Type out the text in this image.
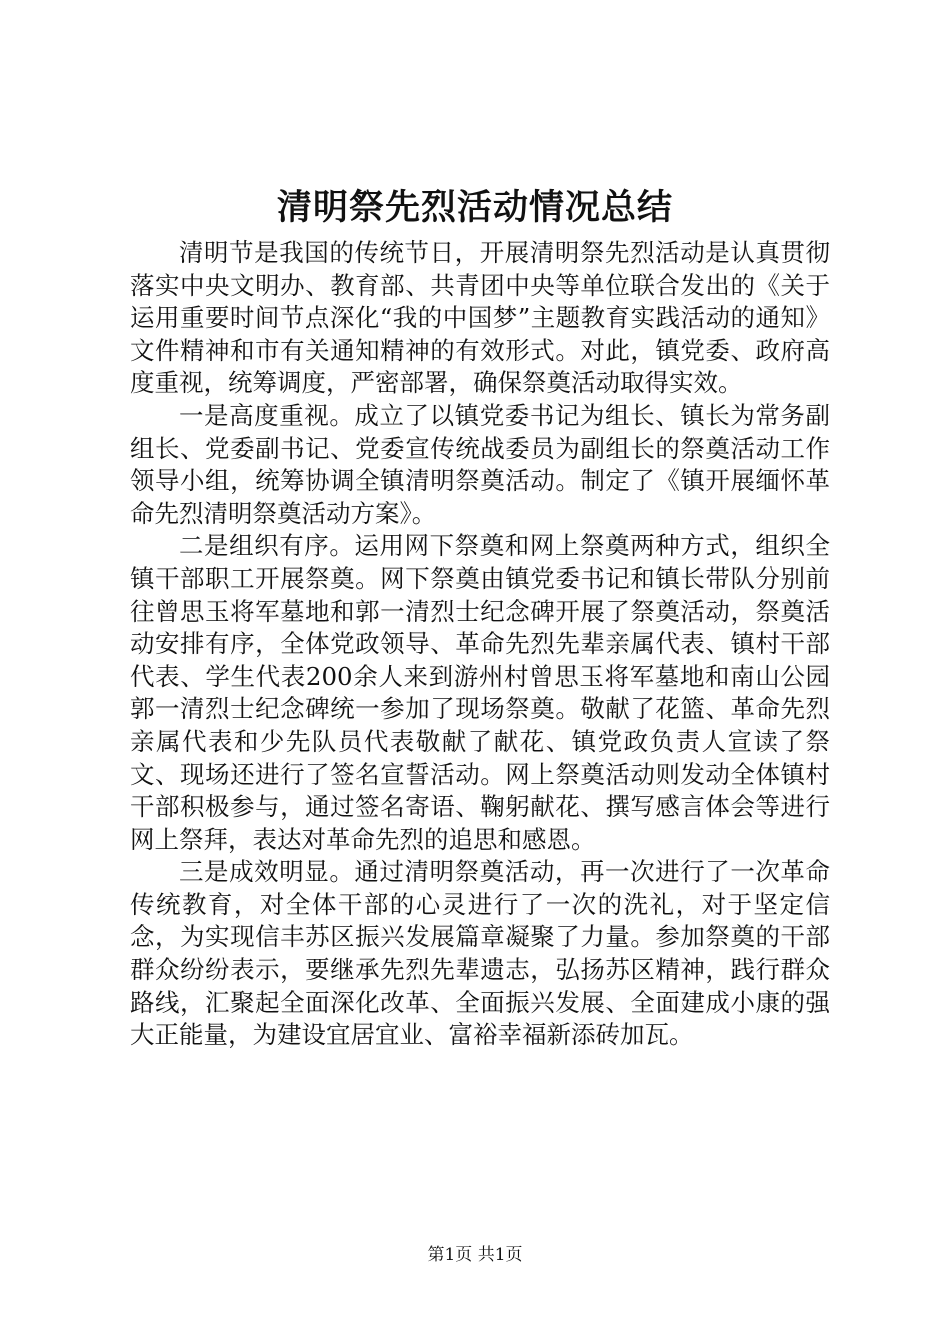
清明祭先烈活动情况总结

清明节是我国的传统节日，开展清明祭先烈活动是认真贯彻落实中央文明办、教育部、共青团中央等单位联合发出的《关于运用重要时间节点深化“我的中国梦”主题教育实践活动的通知》文件精神和市有关通知精神的有效形式。对此，镇党委、政府高度重视，统筹调度，严密部署，确保祭奠活动取得实效。

一是高度重视。成立了以镇党委书记为组长、镇长为常务副组长、党委副书记、党委宣传统战委员为副组长的祭奠活动工作领导小组，统筹协调全镇清明祭奠活动。制定了《镇开展缅怀革命先烈清明祭奠活动方案》。

二是组织有序。运用网下祭奠和网上祭奠两种方式，组织全镇干部职工开展祭奠。网下祭奠由镇党委书记和镇长带队分别前往曾思玉将军墓地和郭一清烈士纪念碑开展了祭奠活动，祭奠活动安排有序，全体党政领导、革命先烈先辈亲属代表、镇村干部代表、学生代表200余人来到游州村曾思玉将军墓地和南山公园郭一清烈士纪念碑统一参加了现场祭奠。敬献了花篮、革命先烈亲属代表和少先队员代表敬献了献花、镇党政负责人宣读了祭文、现场还进行了签名宣誓活动。网上祭奠活动则发动全体镇村干部积极参与，通过签名寄语、鞠躬献花、撰写感言体会等进行网上祭拜，表达对革命先烈的追思和感恩。

三是成效明显。通过清明祭奠活动，再一次进行了一次革命传统教育，对全体干部的心灵进行了一次的洗礼，对于坚定信念，为实现信丰苏区振兴发展篇章凝聚了力量。参加祭奠的干部群众纷纷表示，要继承先烈先辈遗志，弘扬苏区精神，践行群众路线，汇聚起全面深化改革、全面振兴发展、全面建成小康的强大正能量，为建设宜居宜业、富裕幸福新添砖加瓦。

第1页 共1页
